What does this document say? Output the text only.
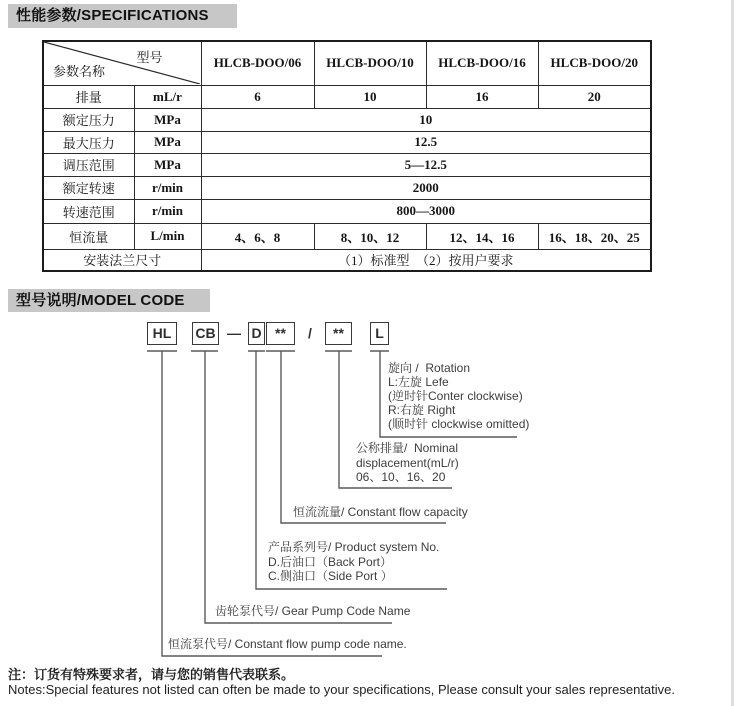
性能参数/SPECIFICATIONS
型号
参数名称		HLCB-DOO/06	HLCB-DOO/10	HLCB-DOO/16	HLCB-DOO/20
排量	mL/r	6	10	16	20
额定压力	MPa	10			
最大压力	MPa	12.5			
调压范围	MPa	5—12.5			
额定转速	r/min	2000			
转速范围	r/min	800—3000			
恒流量	L/min	4、6、8	8、10、12	12、14、16	16、18、20、25
安装法兰尺寸		（1）标准型　（2）按用户要求			
型号说明/MODEL CODE
HL	CB — D **	/	**	L
旋向 /  Rotation
L:左旋 Lefe
(逆时针Conter clockwise)
R:右旋 Right
(顺时针 clockwise omitted)
公称排量/  Nominal
displacement(mL/r)
06、10、16、20
恒流流量/ Constant flow capacity
产品系列号/ Product system No.
D.后油口（Back Port）
C.侧油口（Side Port ）
齿轮泵代号/ Gear Pump Code Name
恒流泵代号/ Constant flow pump code name.
注：订货有特殊要求者，请与您的销售代表联系。
Notes:Special features not listed can often be made to your specifications, Please consult your sales representative.
